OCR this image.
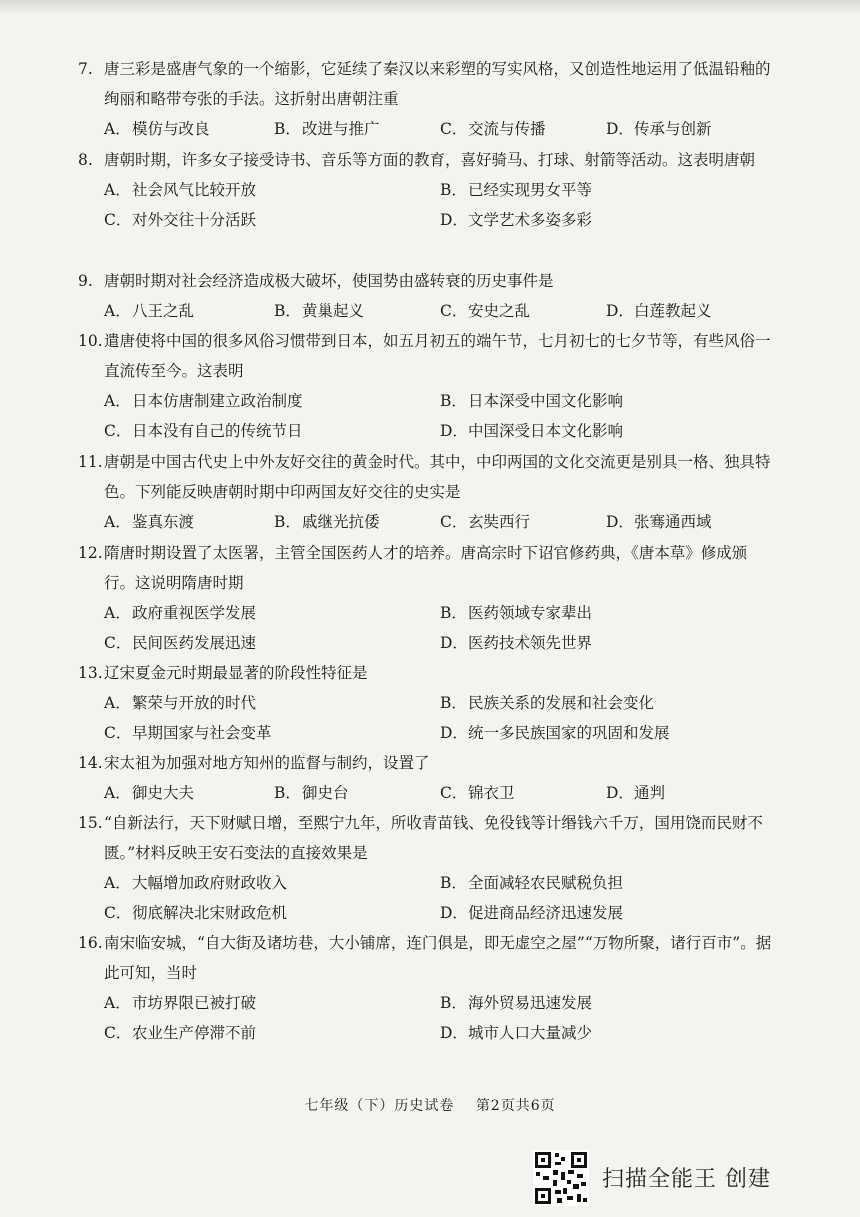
7. 唐三彩是盛唐气象的一个缩影，它延续了秦汉以来彩塑的写实风格，又创造性地运用了低温铅釉的绚丽和略带夸张的手法。这折射出唐朝注重
A．模仿与改良	B．改进与推广	C．交流与传播	D．传承与创新
8. 唐朝时期，许多女子接受诗书、音乐等方面的教育，喜好骑马、打球、射箭等活动。这表明唐朝
A．社会风气比较开放	B．已经实现男女平等
C．对外交往十分活跃	D．文学艺术多姿多彩
9. 唐朝时期对社会经济造成极大破坏，使国势由盛转衰的历史事件是
A．八王之乱	B．黄巢起义	C．安史之乱	D．白莲教起义
10.遣唐使将中国的很多风俗习惯带到日本，如五月初五的端午节，七月初七的七夕节等，有些风俗一直流传至今。这表明
A．日本仿唐制建立政治制度	B．日本深受中国文化影响
C．日本没有自己的传统节日	D．中国深受日本文化影响
11.唐朝是中国古代史上中外友好交往的黄金时代。其中，中印两国的文化交流更是别具一格、独具特色。下列能反映唐朝时期中印两国友好交往的史实是
A．鉴真东渡	B．戚继光抗倭	C．玄奘西行	D．张骞通西域
12.隋唐时期设置了太医署，主管全国医药人才的培养。唐高宗时下诏官修药典，《唐本草》修成颁行。这说明隋唐时期
A．政府重视医学发展	B．医药领域专家辈出
C．民间医药发展迅速	D．医药技术领先世界
13.辽宋夏金元时期最显著的阶段性特征是
A．繁荣与开放的时代	B．民族关系的发展和社会变化
C．早期国家与社会变革	D．统一多民族国家的巩固和发展
14.宋太祖为加强对地方知州的监督与制约，设置了
A．御史大夫	B．御史台	C．锦衣卫	D．通判
15.“自新法行，天下财赋日增，至熙宁九年，所收青苗钱、免役钱等计缗钱六千万，国用饶而民财不匮。”材料反映王安石变法的直接效果是
A．大幅增加政府财政收入	B．全面减轻农民赋税负担
C．彻底解决北宋财政危机	D．促进商品经济迅速发展
16.南宋临安城，“自大街及诸坊巷，大小铺席，连门俱是，即无虚空之屋”“万物所聚，诸行百市”。据此可知，当时
A．市坊界限已被打破	B．海外贸易迅速发展
C．农业生产停滞不前	D．城市人口大量减少
七年级（下）历史试卷 第2页共6页
扫描全能王 创建
